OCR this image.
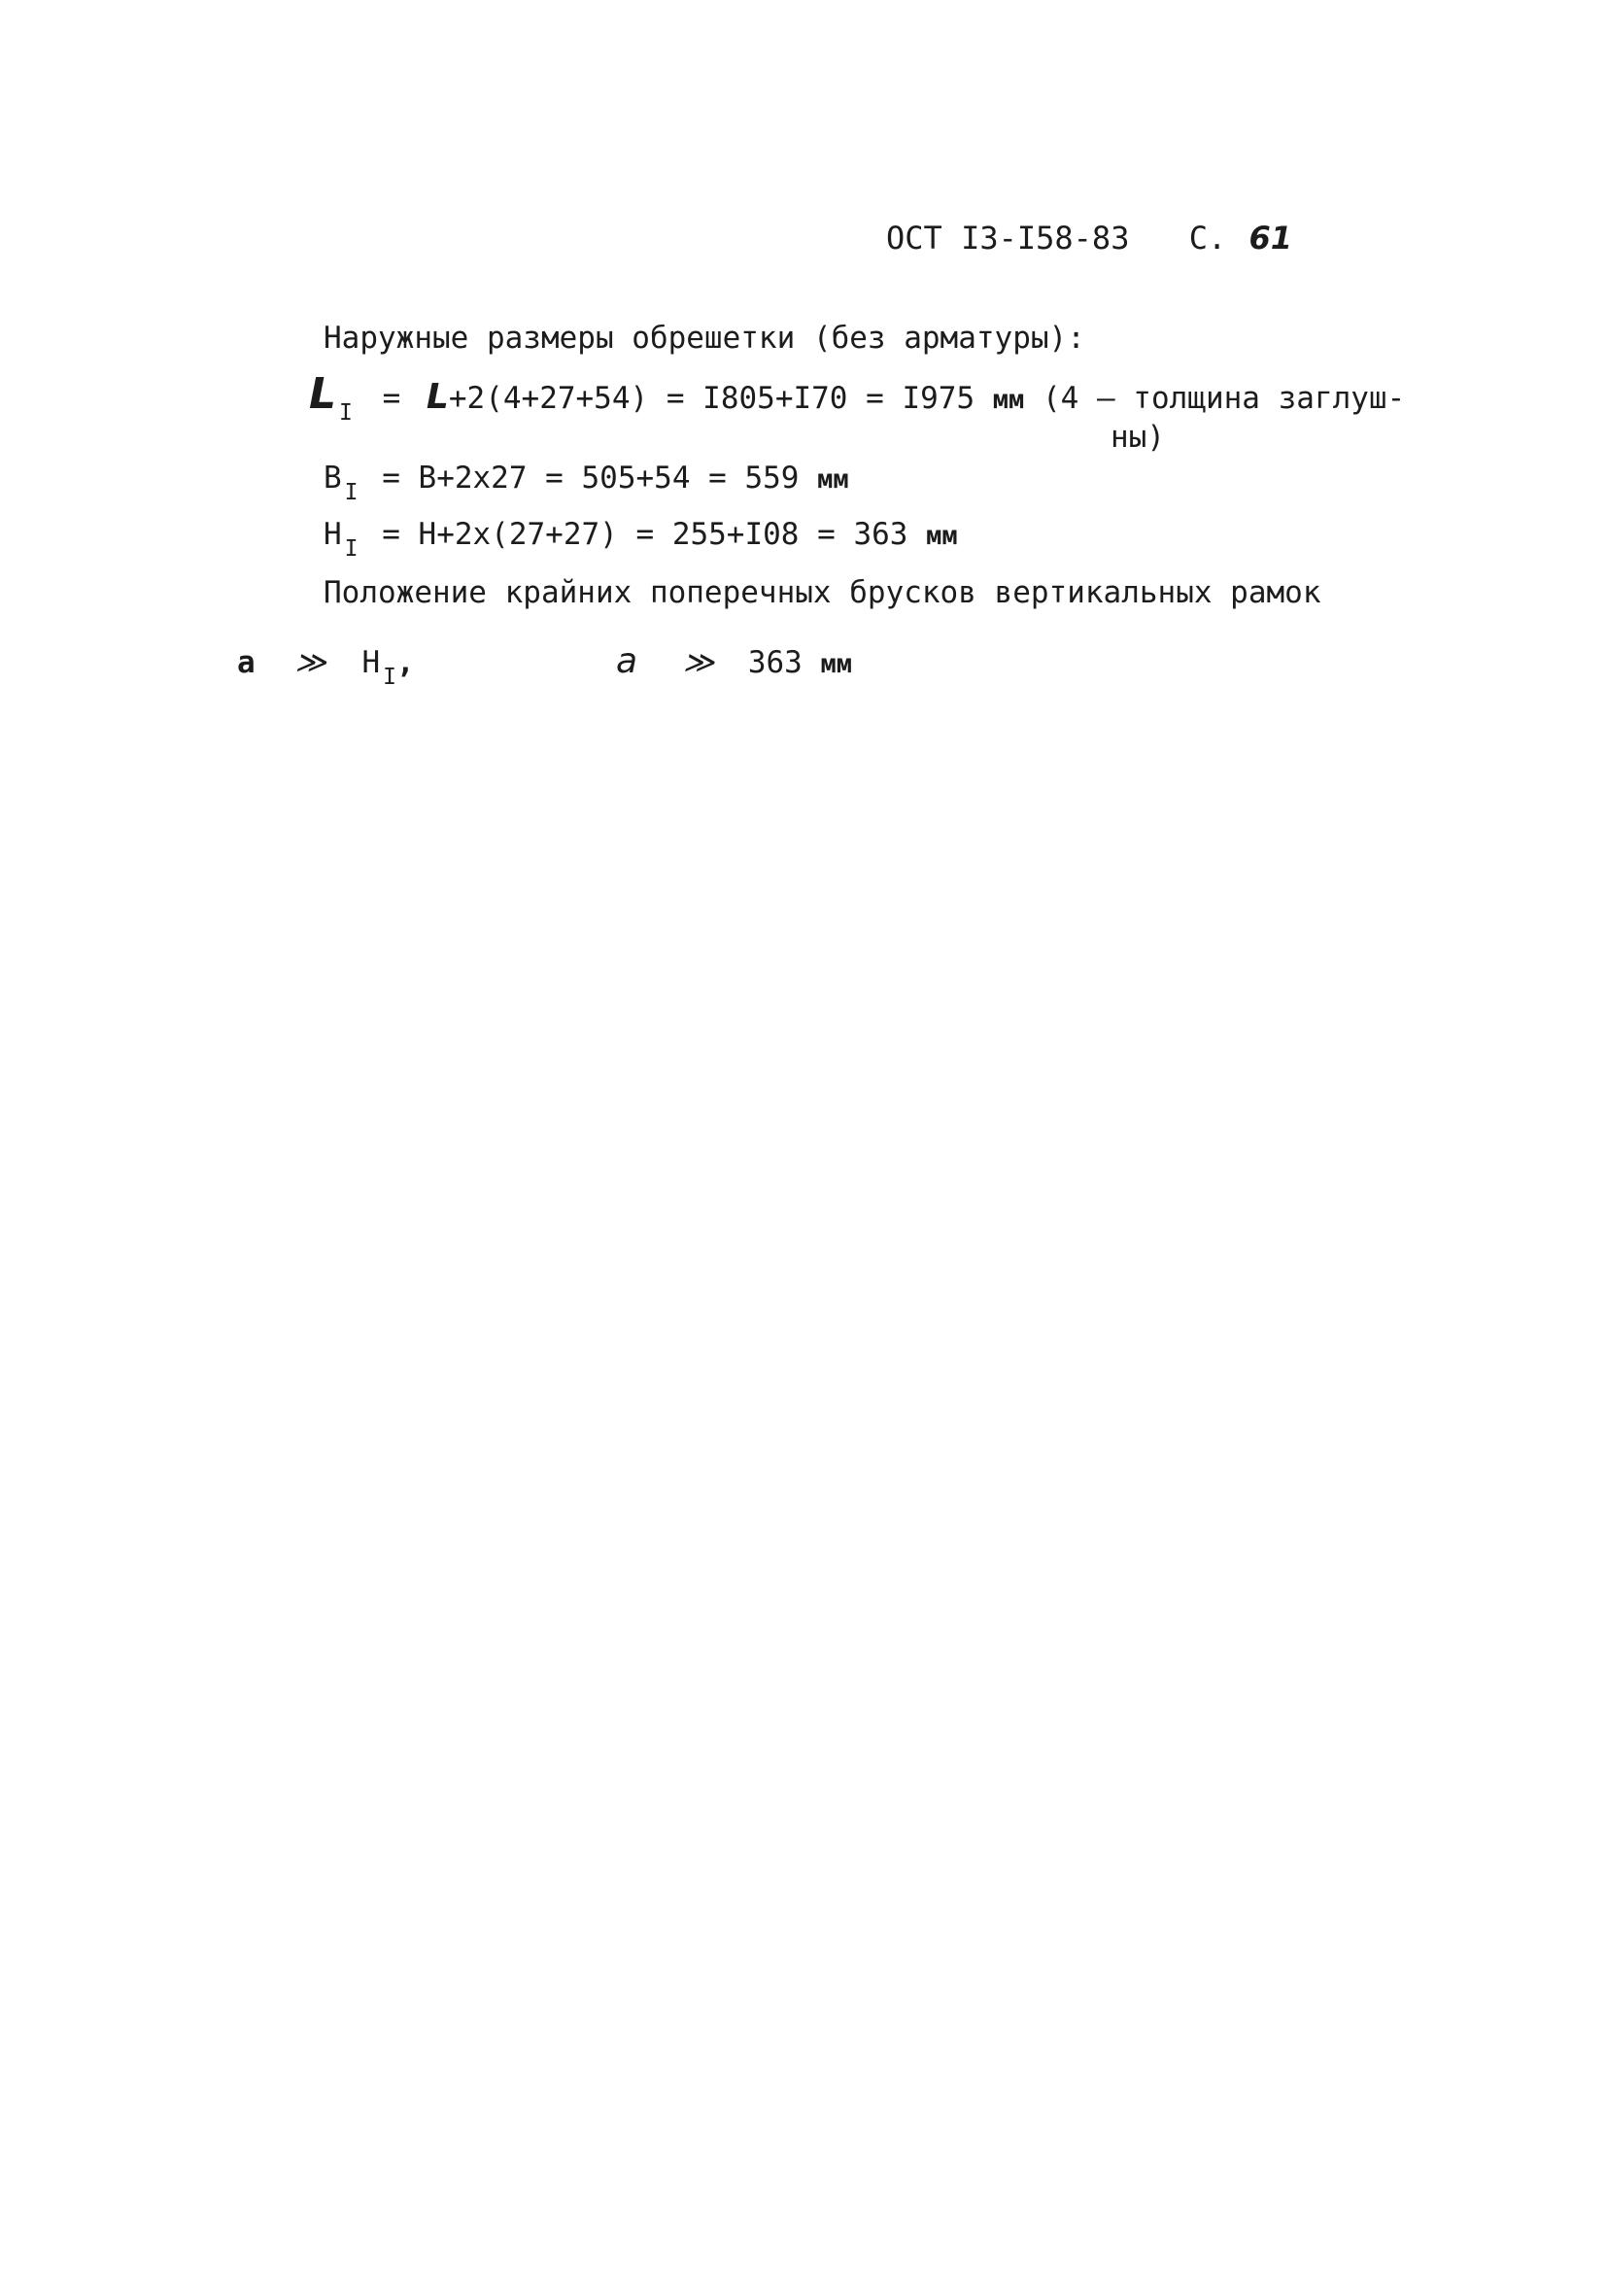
ОСТ I3-I58-83 С. 61
Наружные размеры обрешетки (без арматуры):
L $_I$ = L+2(4+27+54) = I805+I70 = I975 мм (4 – толщина заглуш-
ны)
B $_I$ = B+2x27 = 505+54 = 559 мм
H $_I$ = H+2x(27+27) = 255+I08 = 363 мм
Положение крайних поперечных брусков вертикальных рамок
a ≫ H $_I$,	a ≫ 363 мм
